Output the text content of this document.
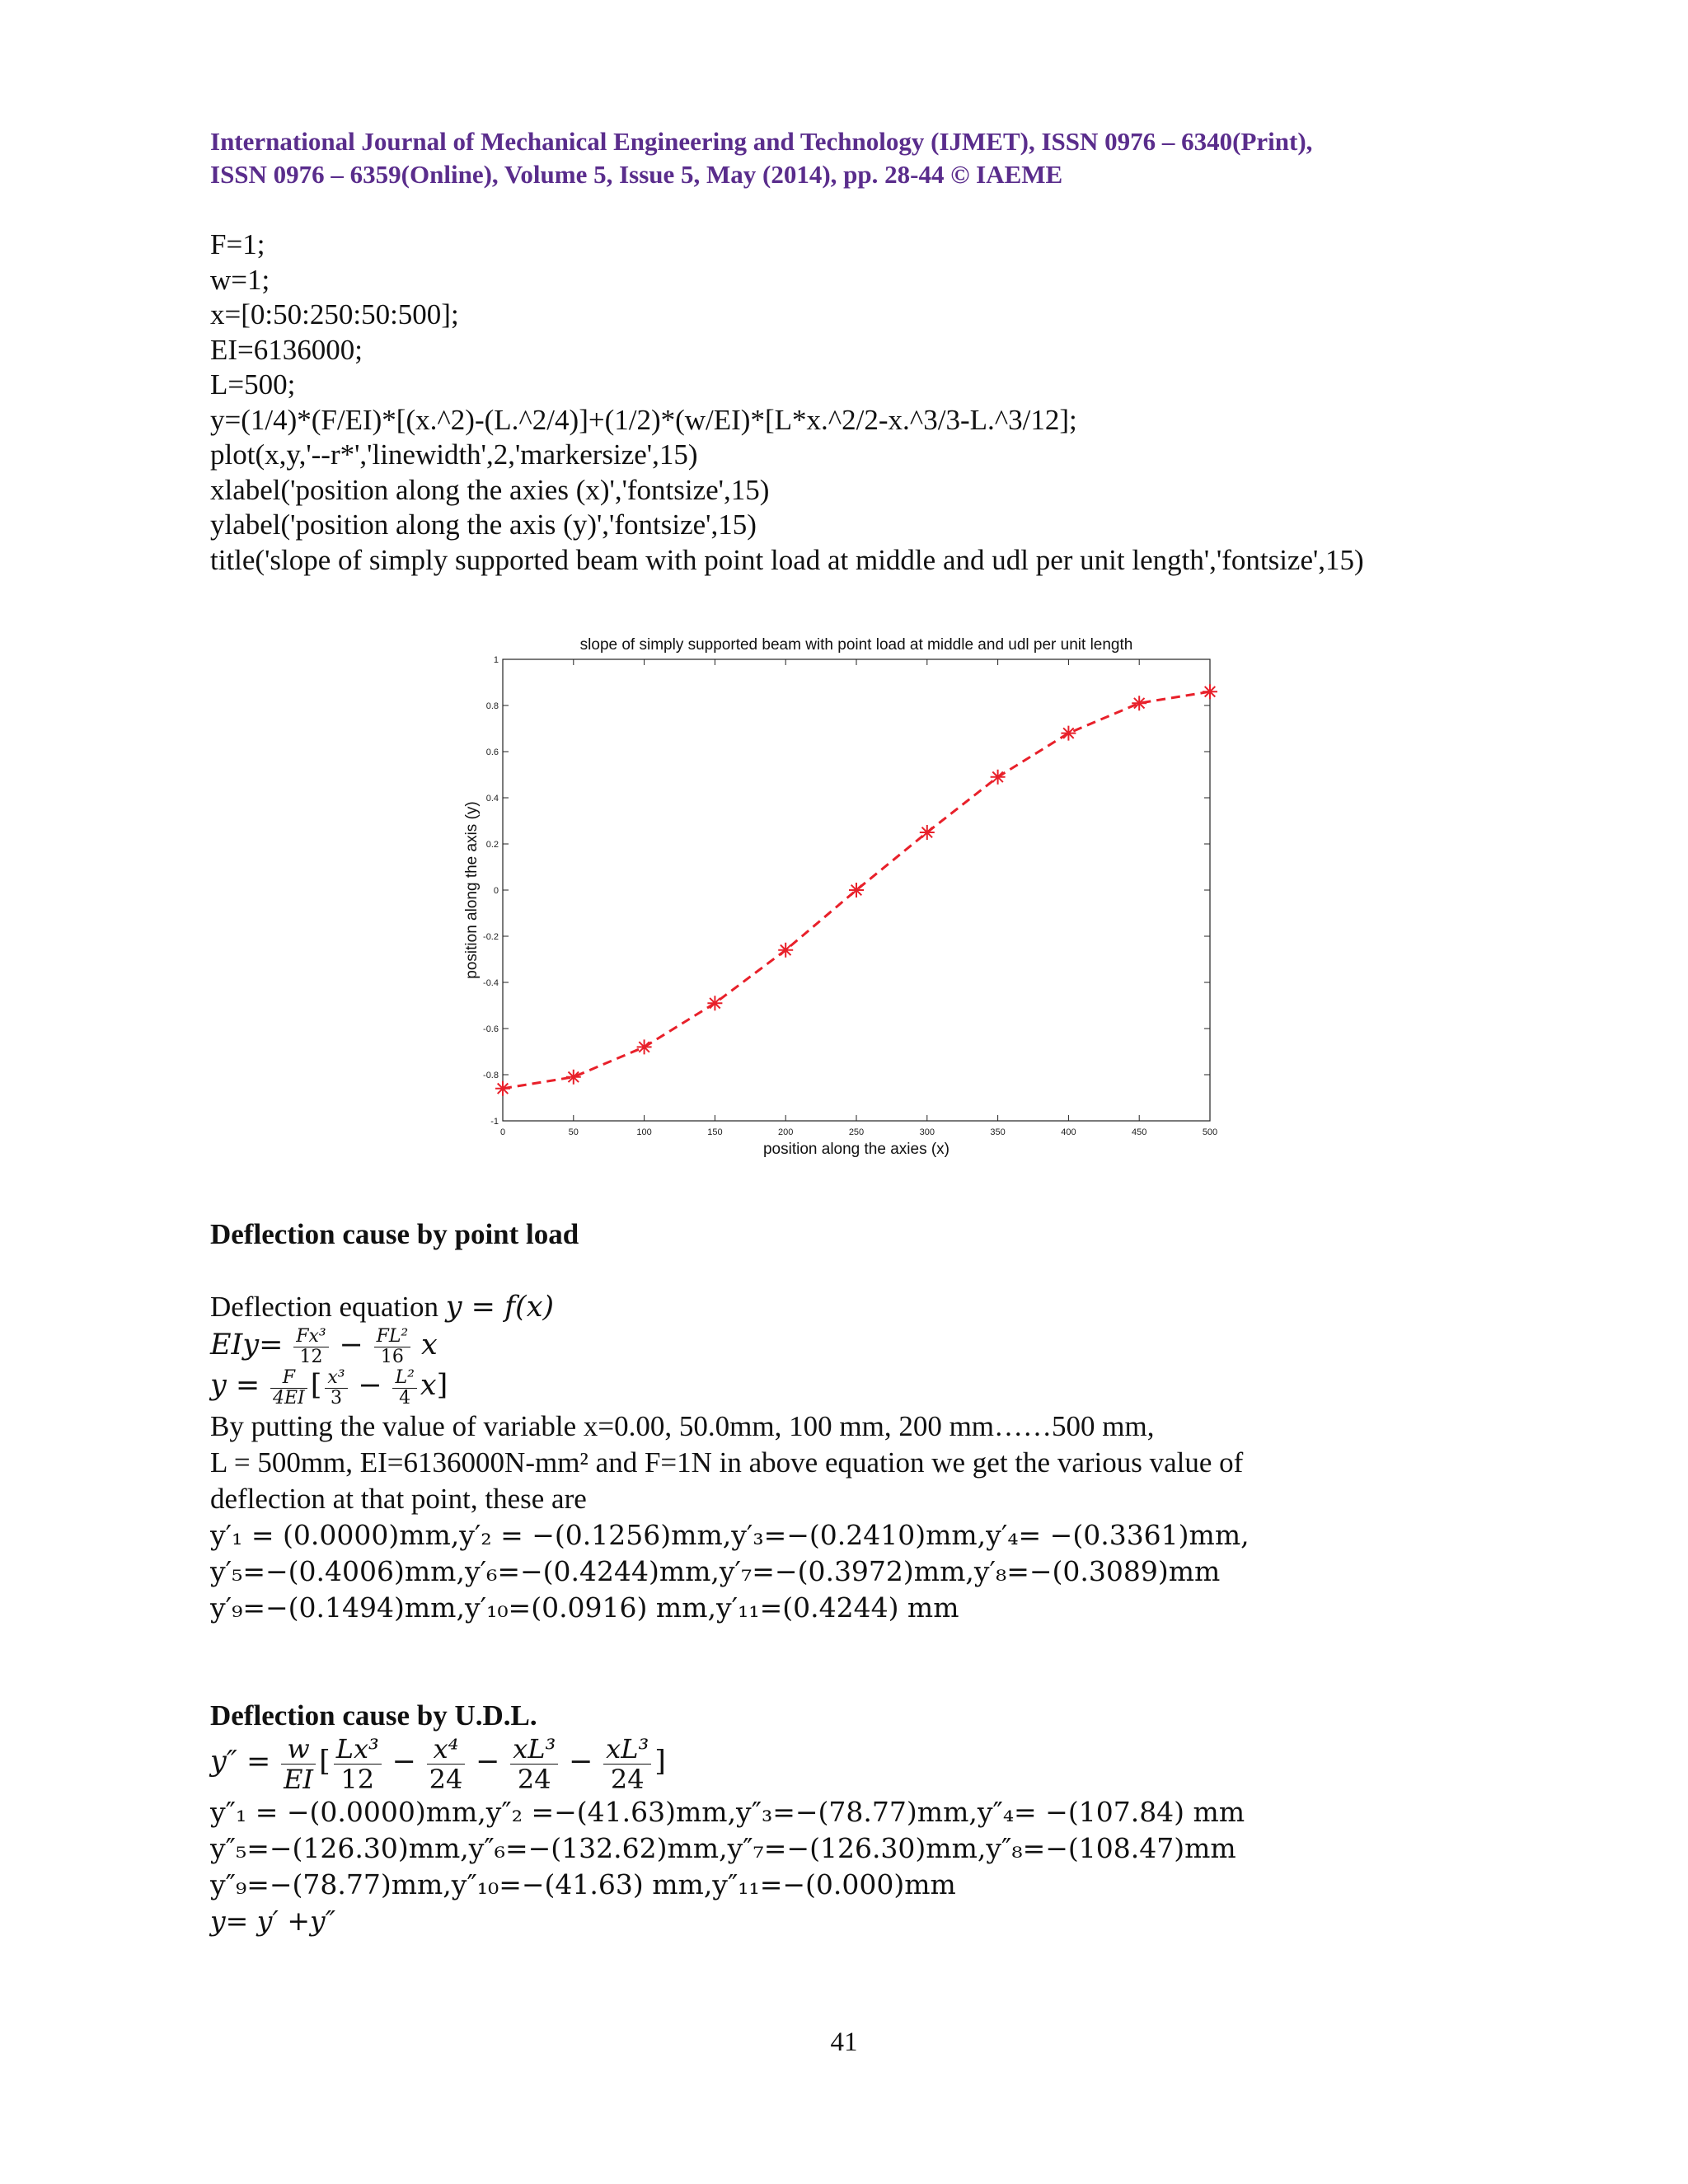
International Journal of Mechanical Engineering and Technology (IJMET), ISSN 0976 – 6340(Print),
ISSN 0976 – 6359(Online), Volume 5, Issue 5, May (2014), pp. 28-44 © IAEME
F=1;
w=1;
x=[0:50:250:50:500];
EI=6136000;
L=500;
y=(1/4)*(F/EI)*[(x.^2)-(L.^2/4)]+(1/2)*(w/EI)*[L*x.^2/2-x.^3/3-L.^3/12];
plot(x,y,'--r*','linewidth',2,'markersize',15)
xlabel('position along the axies (x)','fontsize',15)
ylabel('position along the axis (y)','fontsize',15)
title('slope of simply supported beam with point load at middle and udl per unit length','fontsize',15)
0	50	100	150	200	250	300	350	400	450	500
-1
-0.8
-0.6
-0.4
-0.2
0
0.2
0.4
0.6
0.8
1
slope of simply supported beam with point load at middle and udl per unit length
position along the axies (x)
position along the axis (y)
Deflection cause by point load
Deflection equation y = f(x)
$EIy= \frac{\text{Fx³}}{12} - \frac{\text{FL²}}{16}$ x
$y = \frac{F}{4EI}$ [ $\frac{\text{x³}}{3} - \frac{\text{L²}}{4} x$]
By putting the value of variable x=0.00, 50.0mm, 100 mm, 200 mm……500 mm,
L = 500mm, EI=6136000N-mm² and F=1N in above equation we get the various value of
deflection at that point, these are
y′₁ = (0.0000)mm,y′₂ = −(0.1256)mm,y′₃=−(0.2410)mm,y′₄= −(0.3361)mm,
y′₅=−(0.4006)mm,y′₆=−(0.4244)mm,y′₇=−(0.3972)mm,y′₈=−(0.3089)mm
y′₉=−(0.1494)mm,y′₁₀=(0.0916) mm,y′₁₁=(0.4244) mm
Deflection cause by U.D.L.
$y'' = \frac{w}{EI}$ [ $\frac{\text{Lx³}}{12} - \frac{\text{x⁴}}{24} - \frac{\text{xL³}}{24} - \frac{\text{xL³}}{24}$ ]
y″₁ = −(0.0000)mm,y″₂ =−(41.63)mm,y″₃=−(78.77)mm,y″₄= −(107.84) mm
y″₅=−(126.30)mm,y″₆=−(132.62)mm,y″₇=−(126.30)mm,y″₈=−(108.47)mm
y″₉=−(78.77)mm,y″₁₀=−(41.63) mm,y″₁₁=−(0.000)mm
y= y′ +y″
41
